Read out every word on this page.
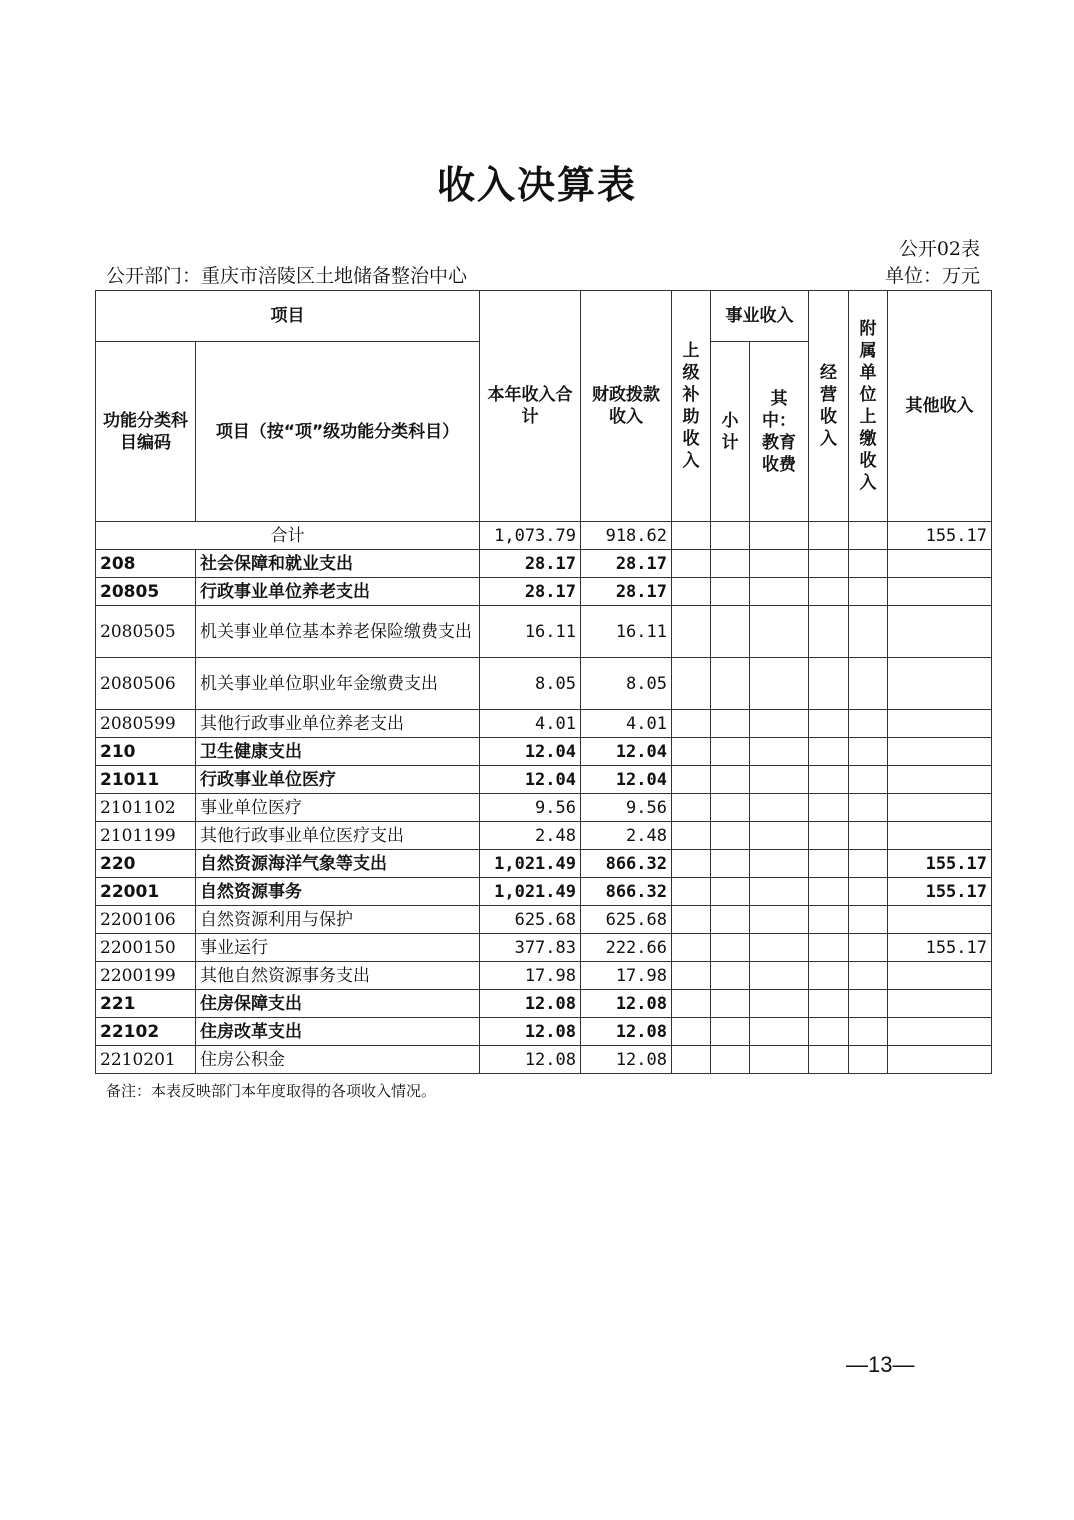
收入决算表
公开02表
公开部门：重庆市涪陵区土地储备整治中心	单位：万元
项目		本年收入合计	财政拨款收入	上级补助收入	事业收入		经营收入	附属单位上缴收入	其他收入
功能分类科目编码	项目（按“项”级功能分类科目）				小计	其中：教育收费			
合计		1,073.79	918.62						155.17
208	社会保障和就业支出	28.17	28.17						
20805	行政事业单位养老支出	28.17	28.17						
2080505	机关事业单位基本养老保险缴费支出	16.11	16.11						
2080506	机关事业单位职业年金缴费支出	8.05	8.05						
2080599	其他行政事业单位养老支出	4.01	4.01						
210	卫生健康支出	12.04	12.04						
21011	行政事业单位医疗	12.04	12.04						
2101102	事业单位医疗	9.56	9.56						
2101199	其他行政事业单位医疗支出	2.48	2.48						
220	自然资源海洋气象等支出	1,021.49	866.32						155.17
22001	自然资源事务	1,021.49	866.32						155.17
2200106	自然资源利用与保护	625.68	625.68						
2200150	事业运行	377.83	222.66						155.17
2200199	其他自然资源事务支出	17.98	17.98						
221	住房保障支出	12.08	12.08						
22102	住房改革支出	12.08	12.08						
2210201	住房公积金	12.08	12.08						
备注：本表反映部门本年度取得的各项收入情况。
—13—
